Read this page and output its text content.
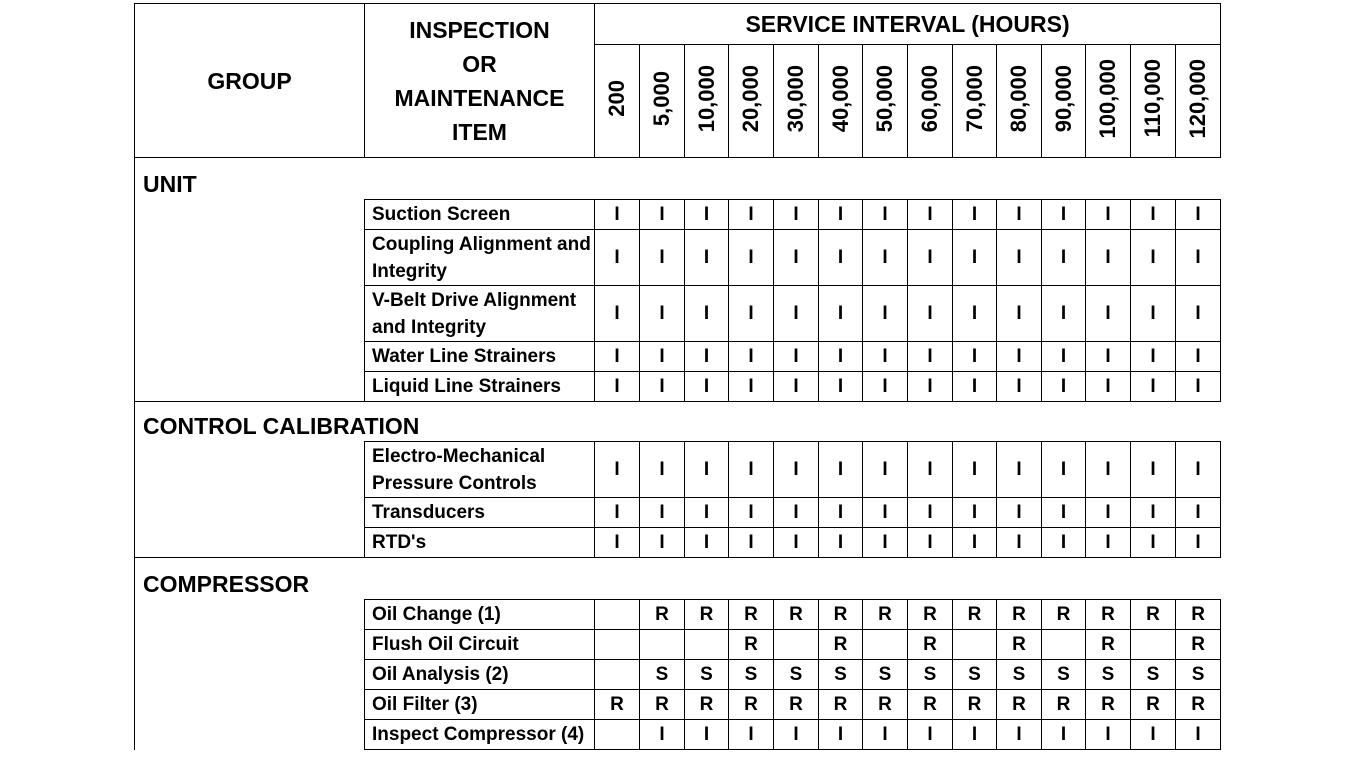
GROUP	INSPECTION
OR
MAINTENANCE
ITEM	SERVICE INTERVAL (HOURS)													
		200	5,000	10,000	20,000	30,000	40,000	50,000	60,000	70,000	80,000	90,000	100,000	110,000	120,000
UNIT															
	Suction Screen	I	I	I	I	I	I	I	I	I	I	I	I	I	I
	Coupling Alignment and Integrity	I	I	I	I	I	I	I	I	I	I	I	I	I	I
	V-Belt Drive Alignment and Integrity	I	I	I	I	I	I	I	I	I	I	I	I	I	I
	Water Line Strainers	I	I	I	I	I	I	I	I	I	I	I	I	I	I
	Liquid Line Strainers	I	I	I	I	I	I	I	I	I	I	I	I	I	I
CONTROL CALIBRATION															
	Electro-Mechanical Pressure Controls	I	I	I	I	I	I	I	I	I	I	I	I	I	I
	Transducers	I	I	I	I	I	I	I	I	I	I	I	I	I	I
	RTD's	I	I	I	I	I	I	I	I	I	I	I	I	I	I
COMPRESSOR															
	Oil Change (1)		R	R	R	R	R	R	R	R	R	R	R	R	R
	Flush Oil Circuit				R		R		R		R		R		R
	Oil Analysis (2)		S	S	S	S	S	S	S	S	S	S	S	S	S
	Oil Filter (3)	R	R	R	R	R	R	R	R	R	R	R	R	R	R
	Inspect Compressor (4)		I	I	I	I	I	I	I	I	I	I	I	I	I
